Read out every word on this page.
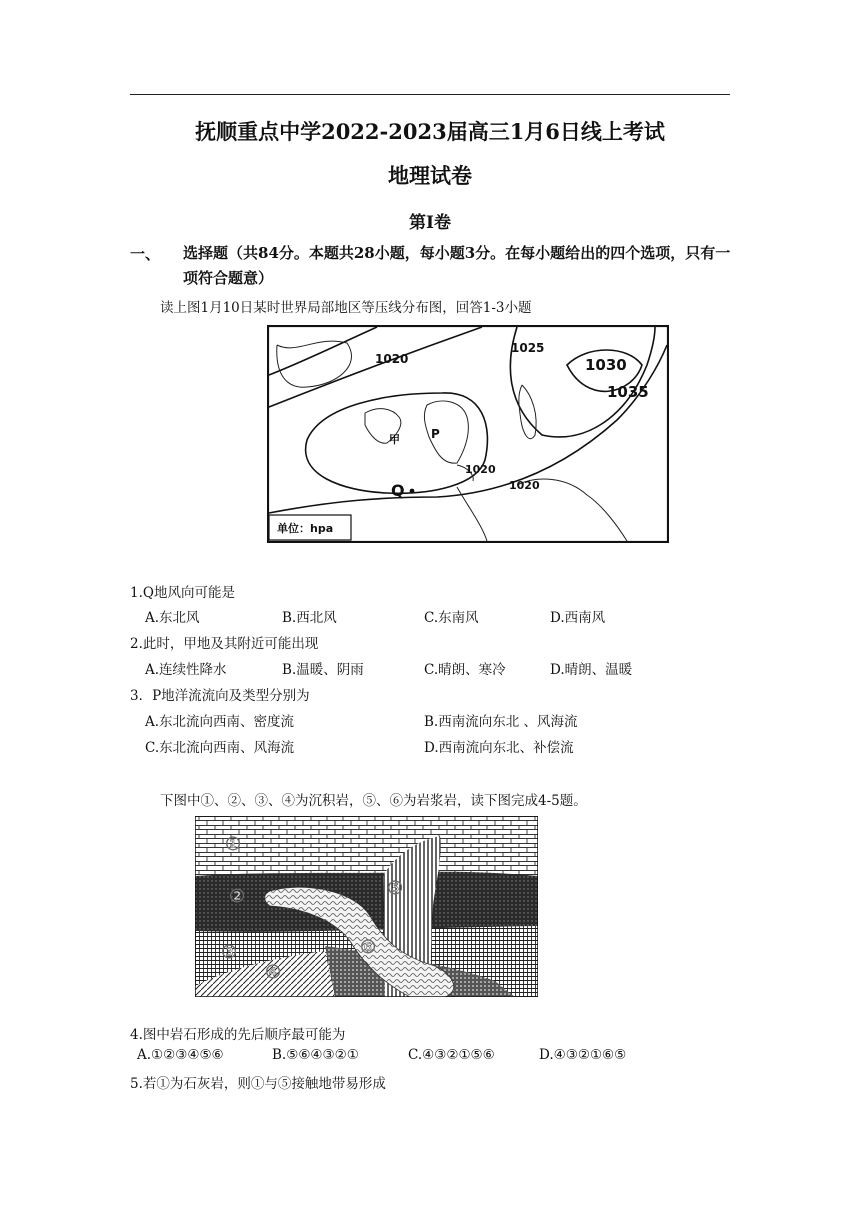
抚顺重点中学2022-2023届高三1月6日线上考试
地理试卷
第Ⅰ卷
一、 选择题（共84分。本题共28小题，每小题3分。在每小题给出的四个选项，只有一项符合题意）
读上图1月10日某时世界局部地区等压线分布图，回答1-3小题
1020
1025
1030
1035
1020
1020
甲	P
Q
单位：hpa
1.Q地风向可能是
A.东北风	B.西北风	C.东南风	D.西南风
2.此时，甲地及其附近可能出现
A.连续性降水	B.温暖、阴雨	C.晴朗、寒冷	D.晴朗、温暖
3．P地洋流流向及类型分别为
A.东北流向西南、密度流	B.西南流向东北 、风海流
C.东北流向西南、风海流	D.西南流向东北、补偿流
下图中①、②、③、④为沉积岩，⑤、⑥为岩浆岩，读下图完成4-5题。
①
②
③
④
⑤
⑥
4.图中岩石形成的先后顺序最可能为
A.①②③④⑤⑥	B.⑤⑥④③②①	C.④③②①⑤⑥	D.④③②①⑥⑤
5.若①为石灰岩，则①与⑤接触地带易形成
